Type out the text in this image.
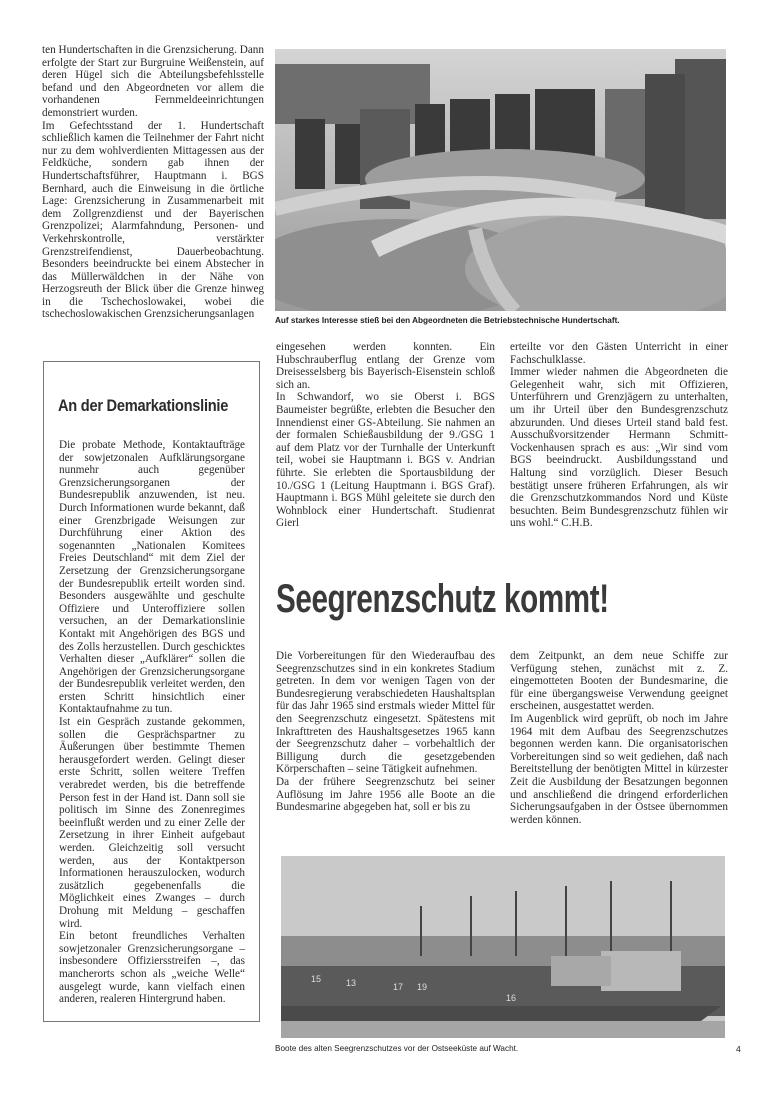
ten Hundertschaften in die Grenzsicherung. Dann erfolgte der Start zur Burgruine Weißenstein, auf deren Hügel sich die Abteilungsbefehlsstelle befand und den Abgeordneten vor allem die vorhandenen Fernmeldeeinrichtungen demonstriert wurden.

Im Gefechtsstand der 1. Hundertschaft schließlich kamen die Teilnehmer der Fahrt nicht nur zu dem wohlverdienten Mittagessen aus der Feldküche, sondern gab ihnen der Hundertschaftsführer, Hauptmann i. BGS Bernhard, auch die Einweisung in die örtliche Lage: Grenzsicherung in Zusammenarbeit mit dem Zollgrenzdienst und der Bayerischen Grenzpolizei; Alarmfahndung, Personen- und Verkehrskontrolle, verstärkter Grenzstreifendienst, Dauerbeobachtung. Besonders beeindruckte bei einem Abstecher in das Müllerwäldchen in der Nähe von Herzogsreuth der Blick über die Grenze hinweg in die Tschechoslowakei, wobei die tschechoslowakischen Grenzsicherungsanlagen

Auf starkes Interesse stieß bei den Abgeordneten die Betriebstechnische Hundertschaft.

eingesehen werden konnten. Ein Hubschrauberflug entlang der Grenze vom Dreisesselsberg bis Bayerisch-Eisenstein schloß sich an.

In Schwandorf, wo sie Oberst i. BGS Baumeister begrüßte, erlebten die Besucher den Innendienst einer GS-Abteilung. Sie nahmen an der formalen Schießausbildung der 9./GSG 1 auf dem Platz vor der Turnhalle der Unterkunft teil, wobei sie Hauptmann i. BGS v. Andrian führte. Sie erlebten die Sportausbildung der 10./GSG 1 (Leitung Hauptmann i. BGS Graf). Hauptmann i. BGS Mühl geleitete sie durch den Wohnblock einer Hundertschaft. Studienrat Gierl

erteilte vor den Gästen Unterricht in einer Fachschulklasse.

Immer wieder nahmen die Abgeordneten die Gelegenheit wahr, sich mit Offizieren, Unterführern und Grenzjägern zu unterhalten, um ihr Urteil über den Bundesgrenzschutz abzurunden. Und dieses Urteil stand bald fest. Ausschußvorsitzender Hermann Schmitt-Vockenhausen sprach es aus: „Wir sind vom BGS beeindruckt. Ausbildungsstand und Haltung sind vorzüglich. Dieser Besuch bestätigt unsere früheren Erfahrungen, als wir die Grenzschutzkommandos Nord und Küste besuchten. Beim Bundesgrenzschutz fühlen wir uns wohl.“ C.H.B.

An der Demarkationslinie

Die probate Methode, Kontaktaufträge der sowjetzonalen Aufklärungsorgane nunmehr auch gegenüber Grenzsicherungsorganen der Bundesrepublik anzuwenden, ist neu. Durch Informationen wurde bekannt, daß einer Grenzbrigade Weisungen zur Durchführung einer Aktion des sogenannten „Nationalen Komitees Freies Deutschland“ mit dem Ziel der Zersetzung der Grenzsicherungsorgane der Bundesrepublik erteilt worden sind. Besonders ausgewählte und geschulte Offiziere und Unteroffiziere sollen versuchen, an der Demarkationslinie Kontakt mit Angehörigen des BGS und des Zolls herzustellen. Durch geschicktes Verhalten dieser „Aufklärer“ sollen die Angehörigen der Grenzsicherungsorgane der Bundesrepublik verleitet werden, den ersten Schritt hinsichtlich einer Kontaktaufnahme zu tun.

Ist ein Gespräch zustande gekommen, sollen die Gesprächspartner zu Äußerungen über bestimmte Themen herausgefordert werden. Gelingt dieser erste Schritt, sollen weitere Treffen verabredet werden, bis die betreffende Person fest in der Hand ist. Dann soll sie politisch im Sinne des Zonenregimes beeinflußt werden und zu einer Zelle der Zersetzung in ihrer Einheit aufgebaut werden. Gleichzeitig soll versucht werden, aus der Kontaktperson Informationen herauszulocken, wodurch zusätzlich gegebenenfalls die Möglichkeit eines Zwanges – durch Drohung mit Meldung – geschaffen wird.

Ein betont freundliches Verhalten sowjetzonaler Grenzsicherungsorgane – insbesondere Offiziersstreifen –, das mancherorts schon als „weiche Welle“ ausgelegt wurde, kann vielfach einen anderen, realeren Hintergrund haben.

Seegrenzschutz kommt!

Die Vorbereitungen für den Wiederaufbau des Seegrenzschutzes sind in ein konkretes Stadium getreten. In dem vor wenigen Tagen von der Bundesregierung verabschiedeten Haushaltsplan für das Jahr 1965 sind erstmals wieder Mittel für den Seegrenzschutz eingesetzt. Spätestens mit Inkrafttreten des Haushaltsgesetzes 1965 kann der Seegrenzschutz daher – vorbehaltlich der Billigung durch die gesetzgebenden Körperschaften – seine Tätigkeit aufnehmen.

Da der frühere Seegrenzschutz bei seiner Auflösung im Jahre 1956 alle Boote an die Bundesmarine abgegeben hat, soll er bis zu

dem Zeitpunkt, an dem neue Schiffe zur Verfügung stehen, zunächst mit z. Z. eingemotteten Booten der Bundesmarine, die für eine übergangsweise Verwendung geeignet erscheinen, ausgestattet werden.

Im Augenblick wird geprüft, ob noch im Jahre 1964 mit dem Aufbau des Seegrenzschutzes begonnen werden kann. Die organisatorischen Vorbereitungen sind so weit gediehen, daß nach Bereitstellung der benötigten Mittel in kürzester Zeit die Ausbildung der Besatzungen begonnen und anschließend die dringend erforderlichen Sicherungsaufgaben in der Ostsee übernommen werden können.

15	13	17 19
16
Boote des alten Seegrenzschutzes vor der Ostseeküste auf Wacht.	4
